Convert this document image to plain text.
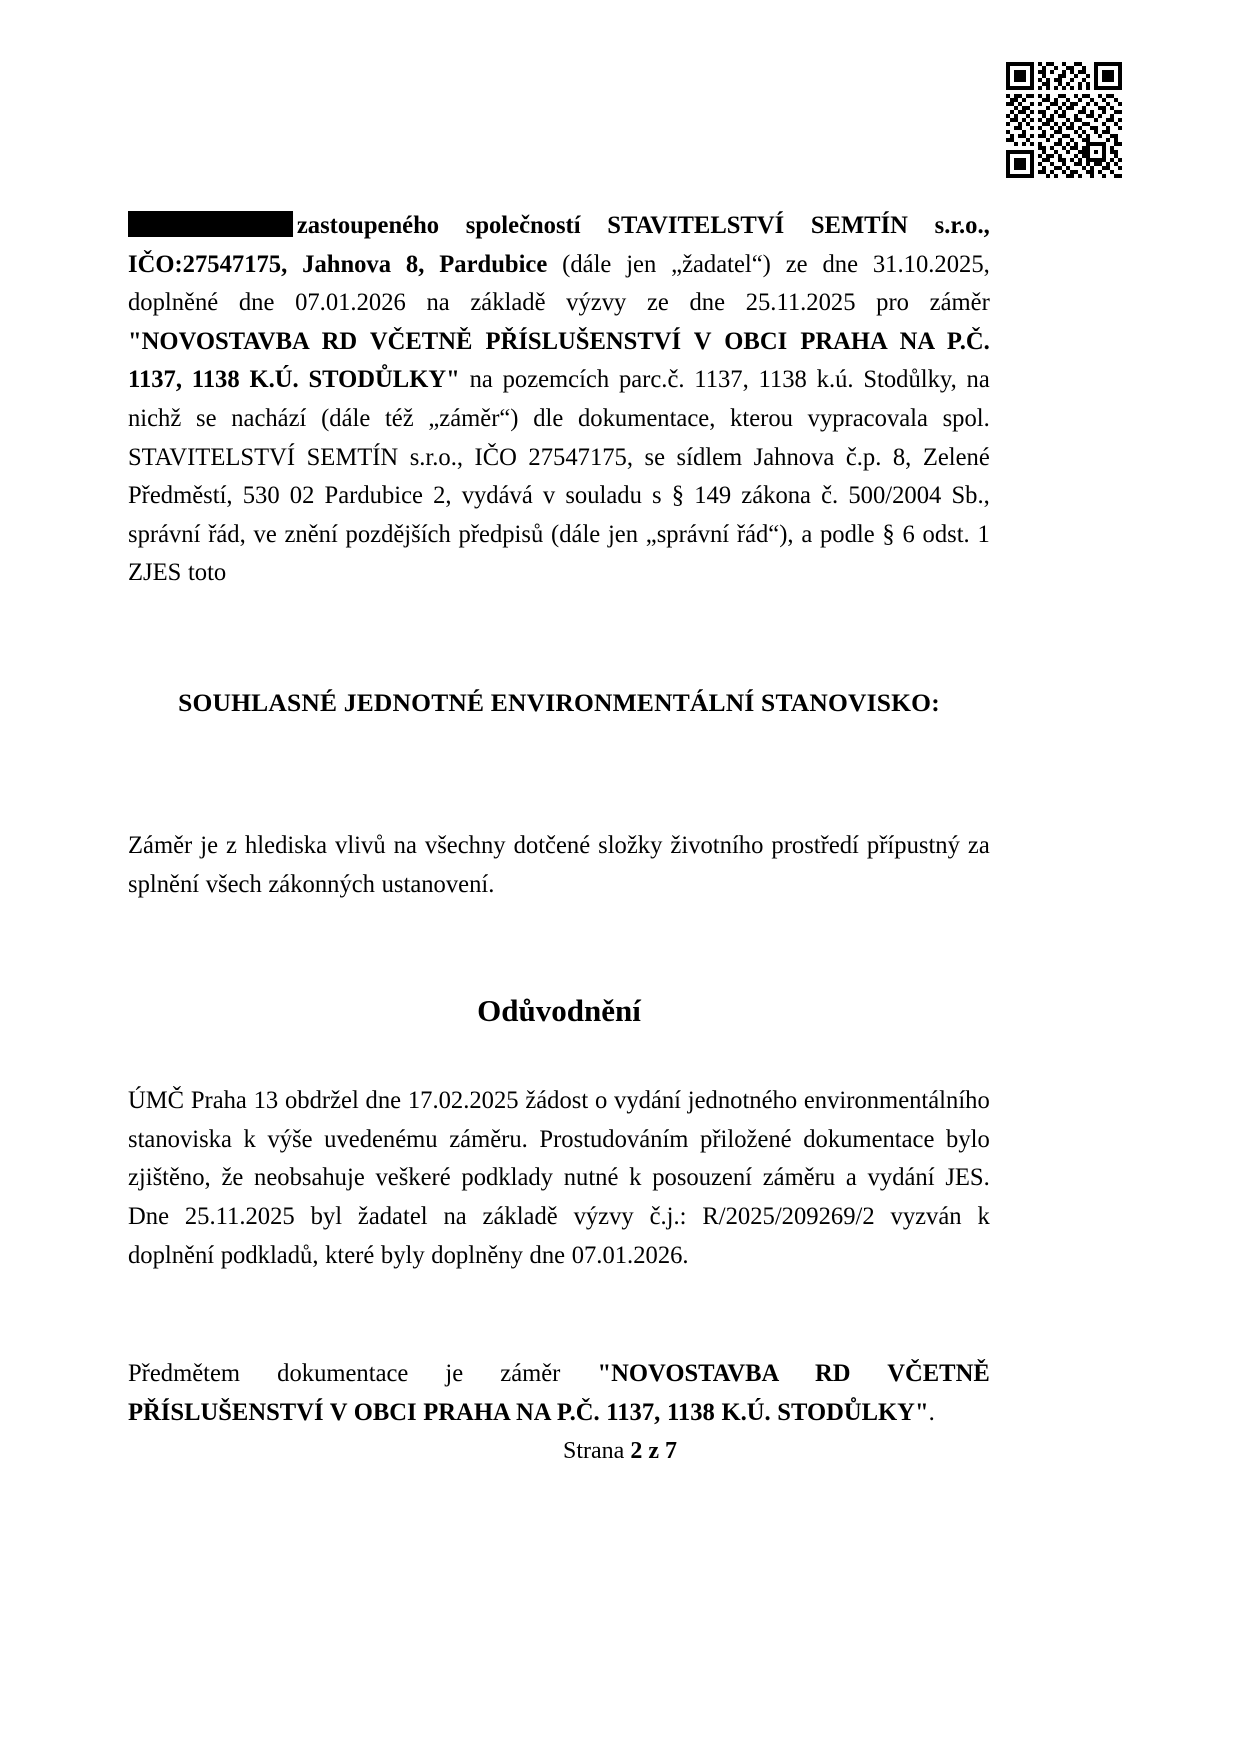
zastoupeného společností STAVITELSTVÍ SEMTÍN s.r.o., IČO:27547175, Jahnova 8, Pardubice (dále jen „žadatel“) ze dne 31.10.2025, doplněné dne 07.01.2026 na základě výzvy ze dne 25.11.2025 pro záměr "NOVOSTAVBA RD VČETNĚ PŘÍSLUŠENSTVÍ V OBCI PRAHA NA P.Č. 1137, 1138 K.Ú. STODŮLKY" na pozemcích parc.č. 1137, 1138 k.ú. Stodůlky, na nichž se nachází (dále též „záměr“) dle dokumentace, kterou vypracovala spol. STAVITELSTVÍ SEMTÍN s.r.o., IČO 27547175, se sídlem Jahnova č.p. 8, Zelené Předměstí, 530 02 Pardubice 2, vydává v souladu s § 149 zákona č. 500/2004 Sb., správní řád, ve znění pozdějších předpisů (dále jen „správní řád“), a podle § 6 odst. 1 ZJES toto

SOUHLASNÉ JEDNOTNÉ ENVIRONMENTÁLNÍ STANOVISKO:

Záměr je z hlediska vlivů na všechny dotčené složky životního prostředí přípustný za splnění všech zákonných ustanovení.

Odůvodnění

ÚMČ Praha 13 obdržel dne 17.02.2025 žádost o vydání jednotného environmentálního stanoviska k výše uvedenému záměru. Prostudováním přiložené dokumentace bylo zjištěno, že neobsahuje veškeré podklady nutné k posouzení záměru a vydání JES. Dne 25.11.2025 byl žadatel na základě výzvy č.j.: R/2025/209269/2 vyzván k doplnění podkladů, které byly doplněny dne 07.01.2026.

Předmětem dokumentace je záměr "NOVOSTAVBA RD VČETNĚ PŘÍSLUŠENSTVÍ V OBCI PRAHA NA P.Č. 1137, 1138 K.Ú. STODŮLKY".

Strana 2 z 7
